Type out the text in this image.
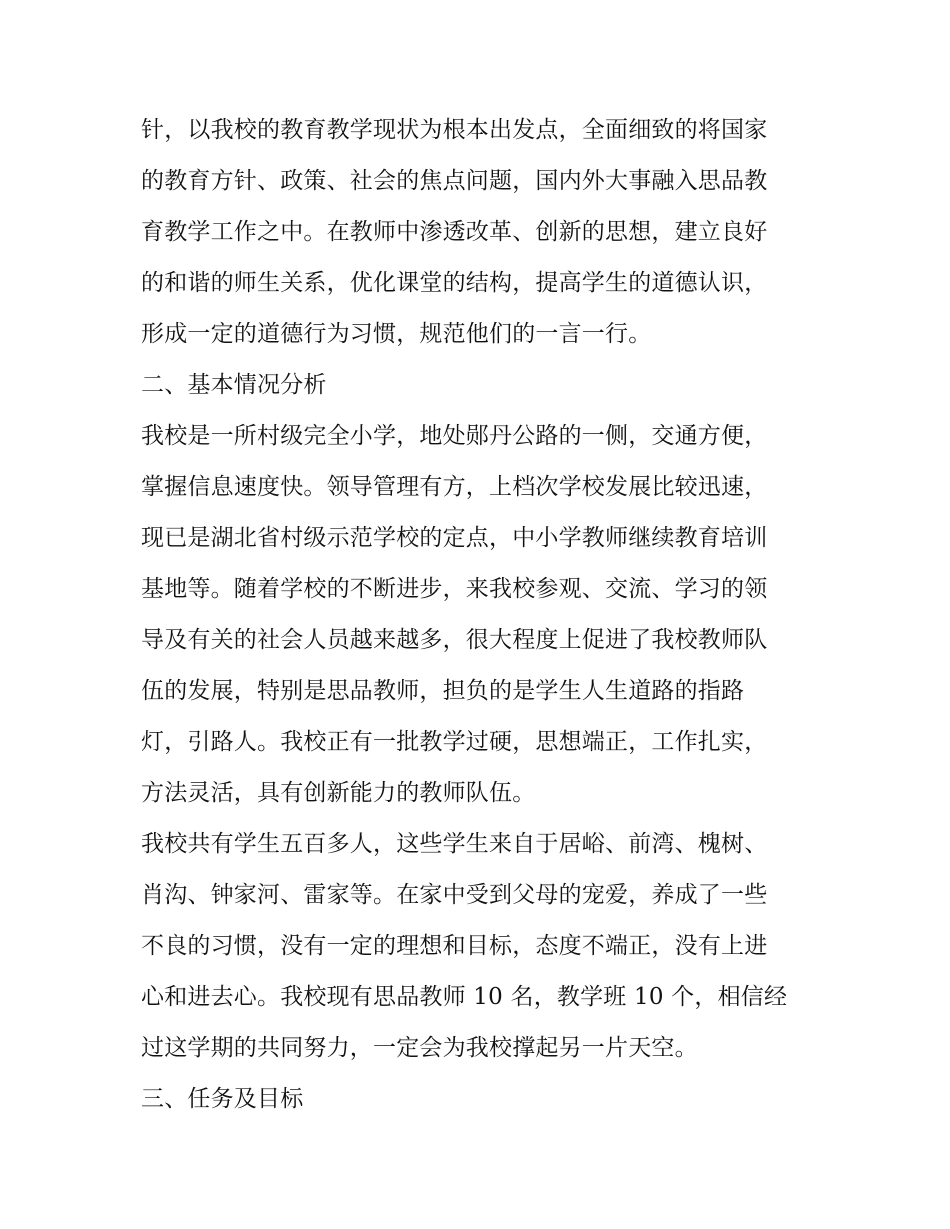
针，以我校的教育教学现状为根本出发点，全面细致的将国家
的教育方针、政策、社会的焦点问题，国内外大事融入思品教
育教学工作之中。在教师中渗透改革、创新的思想，建立良好
的和谐的师生关系，优化课堂的结构，提高学生的道德认识，
形成一定的道德行为习惯，规范他们的一言一行。
二、基本情况分析
我校是一所村级完全小学，地处郧丹公路的一侧，交通方便，
掌握信息速度快。领导管理有方，上档次学校发展比较迅速，
现已是湖北省村级示范学校的定点，中小学教师继续教育培训
基地等。随着学校的不断进步，来我校参观、交流、学习的领
导及有关的社会人员越来越多，很大程度上促进了我校教师队
伍的发展，特别是思品教师，担负的是学生人生道路的指路
灯，引路人。我校正有一批教学过硬，思想端正，工作扎实，
方法灵活，具有创新能力的教师队伍。
我校共有学生五百多人，这些学生来自于居峪、前湾、槐树、
肖沟、钟家河、雷家等。在家中受到父母的宠爱，养成了一些
不良的习惯，没有一定的理想和目标，态度不端正，没有上进
心和进去心。我校现有思品教师 10 名，教学班 10 个，相信经
过这学期的共同努力，一定会为我校撑起另一片天空。
三、任务及目标
